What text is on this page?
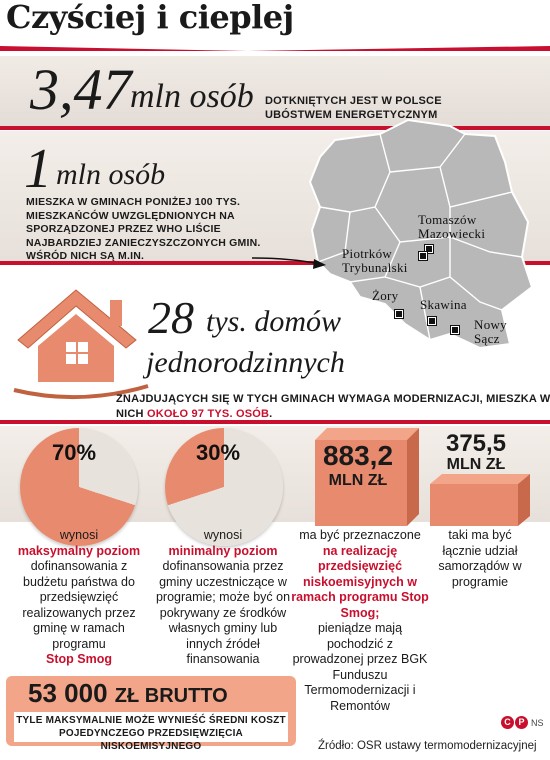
Czyściej i cieplej
3,47
mln osób DOTKNIĘTYCH JEST W POLSCE UBÓSTWEM ENERGETYCZNYM
1 mln osób
MIESZKA W GMINACH PONIŻEJ 100 TYS. MIESZKAŃCÓW UWZGLĘDNIONYCH NA SPORZĄDZONEJ PRZEZ WHO LIŚCIE NAJBARDZIEJ ZANIECZYSZCZONYCH GMIN. WŚRÓD NICH SĄ M.IN.
Tomaszów Mazowiecki
Piotrków Trybunalski
Żory
Skawina
Nowy Sącz
28 tys. domów
jednorodzinnych
ZNAJDUJĄCYCH SIĘ W TYCH GMINACH WYMAGA MODERNIZACJI, MIESZKA W NICH OKOŁO 97 TYS. OSÓB.
70%	30%	883,2
MLN ZŁ
375,5
MLN ZŁ
wynosi
maksymalny poziom
dofinansowania z budżetu państwa do przedsięwzięć realizowanych przez gminę w ramach programu
Stop Smog
wynosi
minimalny poziom
dofinansowania przez gminy uczestniczące w programie; może być on pokrywany ze środków własnych gminy lub innych źródeł finansowania
ma być przeznaczone
na realizację przedsięwzięć niskoemisyjnych w ramach programu Stop Smog;
pieniądze mają pochodzić z prowadzonej przez BGK Funduszu Termomodernizacji i Remontów
taki ma być łącznie udział samorządów w programie
53 000 ZŁ BRUTTO
TYLE MAKSYMALNIE MOŻE WYNIEŚĆ ŚREDNI KOSZT
POJEDYNCZEGO PRZEDSIĘWZIĘCIA NISKOEMISYJNEGO
C P NS
Źródło: OSR ustawy termomodernizacyjnej
